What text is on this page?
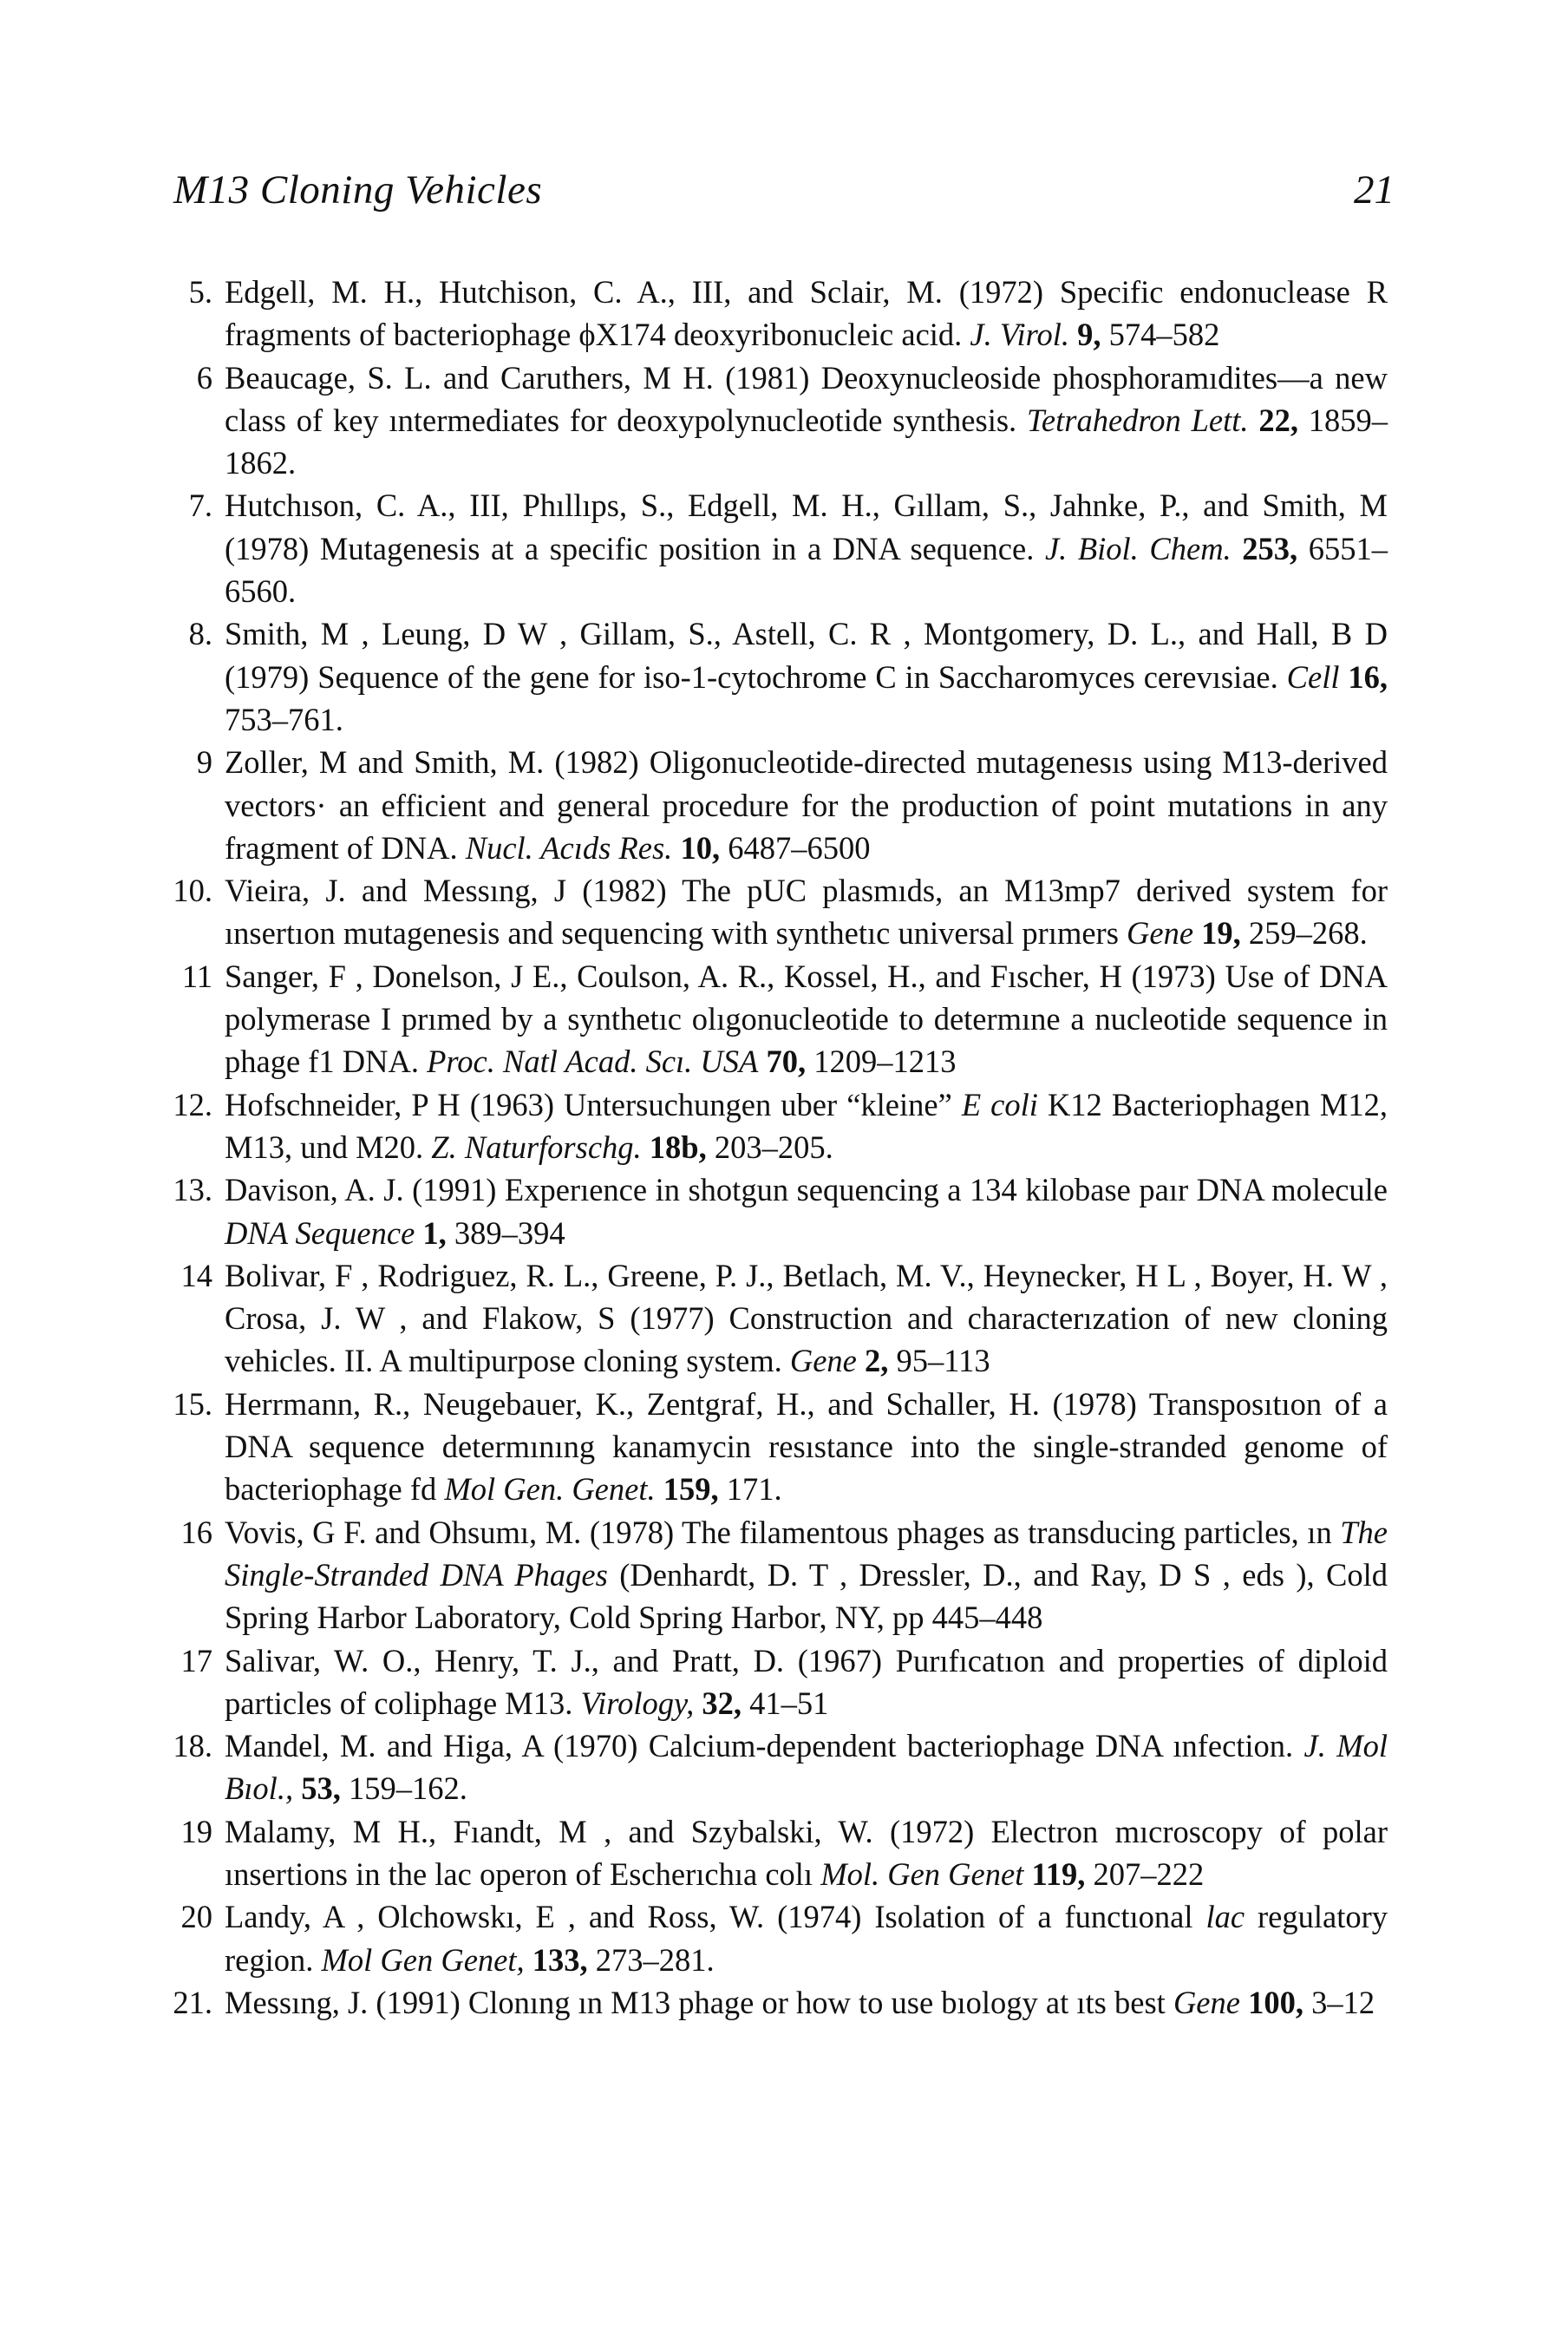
M13 Cloning Vehicles	21
5. Edgell, M. H., Hutchison, C. A., III, and Sclair, M. (1972) Specific endonuclease R fragments of bacteriophage ϕX174 deoxyribonucleic acid. J. Virol. 9, 574–582
6 Beaucage, S. L. and Caruthers, M H. (1981) Deoxynucleoside phosphoramıdites—a new class of key ıntermediates for deoxypolynucleotide synthesis. Tetrahedron Lett. 22, 1859–1862.
7. Hutchıson, C. A., III, Phıllıps, S., Edgell, M. H., Gıllam, S., Jahnke, P., and Smith, M (1978) Mutagenesis at a specific position in a DNA sequence. J. Biol. Chem. 253, 6551–6560.
8. Smith, M , Leung, D W , Gillam, S., Astell, C. R , Montgomery, D. L., and Hall, B D (1979) Sequence of the gene for iso-1-cytochrome C in Saccharomyces cerevısiae. Cell 16, 753–761.
9 Zoller, M and Smith, M. (1982) Oligonucleotide-directed mutagenesıs using M13-derived vectors· an efficient and general procedure for the production of point mutations in any fragment of DNA. Nucl. Acıds Res. 10, 6487–6500
10. Vieira, J. and Messıng, J (1982) The pUC plasmıds, an M13mp7 derived system for ınsertıon mutagenesis and sequencing with synthetıc universal prımers Gene 19, 259–268.
11 Sanger, F , Donelson, J E., Coulson, A. R., Kossel, H., and Fıscher, H (1973) Use of DNA polymerase I prımed by a synthetıc olıgonucleotide to determıne a nucleotide sequence in phage f1 DNA. Proc. Natl Acad. Scı. USA 70, 1209–1213
12. Hofschneider, P H (1963) Untersuchungen uber “kleine” E coli K12 Bacteriophagen M12, M13, und M20. Z. Naturforschg. 18b, 203–205.
13. Davison, A. J. (1991) Experıence in shotgun sequencing a 134 kilobase paır DNA molecule DNA Sequence 1, 389–394
14 Bolivar, F , Rodriguez, R. L., Greene, P. J., Betlach, M. V., Heynecker, H L , Boyer, H. W , Crosa, J. W , and Flakow, S (1977) Construction and characterızation of new cloning vehicles. II. A multipurpose cloning system. Gene 2, 95–113
15. Herrmann, R., Neugebauer, K., Zentgraf, H., and Schaller, H. (1978) Transposıtıon of a DNA sequence determınıng kanamycin resıstance into the single-stranded genome of bacteriophage fd Mol Gen. Genet. 159, 171.
16 Vovis, G F. and Ohsumı, M. (1978) The filamentous phages as transducing particles, ın The Single-Stranded DNA Phages (Denhardt, D. T , Dressler, D., and Ray, D S , eds ), Cold Spring Harbor Laboratory, Cold Spring Harbor, NY, pp 445–448
17 Salivar, W. O., Henry, T. J., and Pratt, D. (1967) Purıfıcatıon and properties of diploid particles of coliphage M13. Virology, 32, 41–51
18. Mandel, M. and Higa, A (1970) Calcium-dependent bacteriophage DNA ınfection. J. Mol Bıol., 53, 159–162.
19 Malamy, M H., Fıandt, M , and Szybalski, W. (1972) Electron mıcroscopy of polar ınsertions in the lac operon of Escherıchıa colı Mol. Gen Genet 119, 207–222
20 Landy, A , Olchowskı, E , and Ross, W. (1974) Isolation of a functıonal lac regulatory region. Mol Gen Genet, 133, 273–281.
21. Messıng, J. (1991) Clonıng ın M13 phage or how to use bıology at ıts best Gene 100, 3–12
